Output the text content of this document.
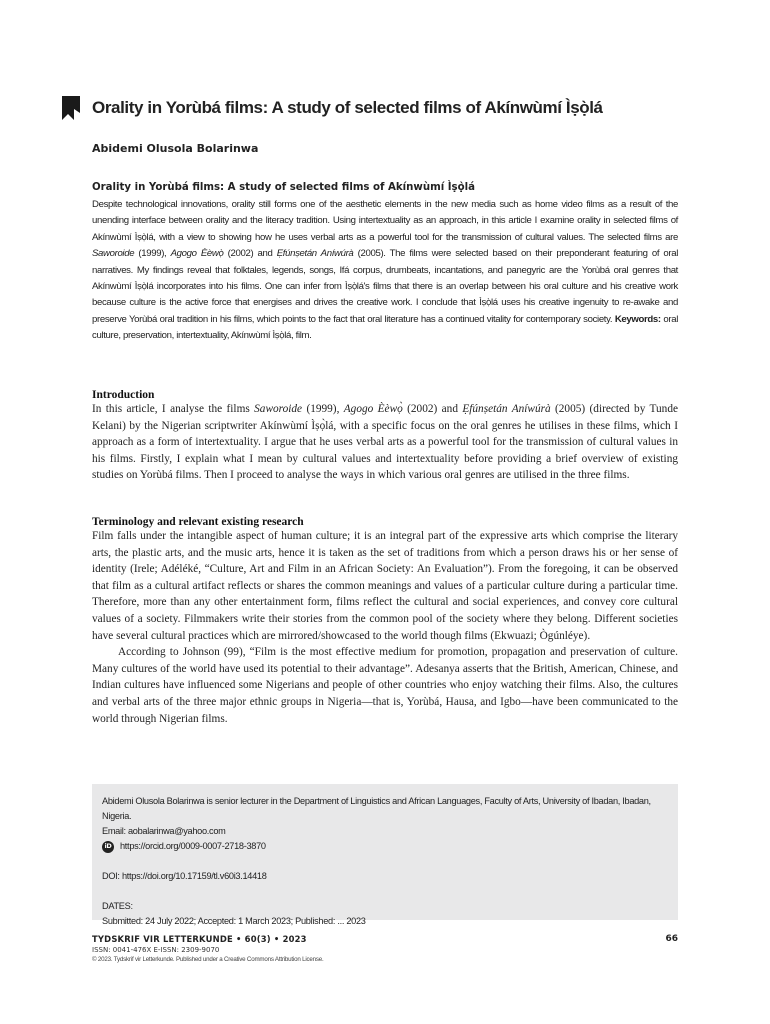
Orality in Yorùbá films: A study of selected films of Akínwùmí Ìṣọ̀lá
Abidemi Olusola Bolarinwa
Orality in Yorùbá films: A study of selected films of Akínwùmí Ìṣọ̀lá

Despite technological innovations, orality still forms one of the aesthetic elements in the new media such as home video films as a result of the unending interface between orality and the literacy tradition. Using intertextuality as an approach, in this article I examine orality in selected films of Akínwùmí Ìṣọ̀lá, with a view to showing how he uses verbal arts as a powerful tool for the transmission of cultural values. The selected films are Saworoide (1999), Agogo Èèwọ̀ (2002) and Ẹfúnṣetán Aníwúrà (2005). The films were selected based on their preponderant featuring of oral narratives. My findings reveal that folktales, legends, songs, Ifá corpus, drumbeats, incantations, and panegyric are the Yorùbá oral genres that Akínwùmí Ìṣọ̀lá incorporates into his films. One can infer from Ìṣọ̀lá's films that there is an overlap between his oral culture and his creative work because culture is the active force that energises and drives the creative work. I conclude that Ìṣọ̀lá uses his creative ingenuity to re-awake and preserve Yorùbá oral tradition in his films, which points to the fact that oral literature has a continued vitality for contemporary society. Keywords: oral culture, preservation, intertextuality, Akínwùmí Ìṣọ̀lá, film.

Introduction

In this article, I analyse the films Saworoide (1999), Agogo Èèwọ̀ (2002) and Ẹfúnṣetán Aníwúrà (2005) (directed by Tunde Kelani) by the Nigerian scriptwriter Akínwùmí Ìṣọ̀lá, with a specific focus on the oral genres he utilises in these films, which I approach as a form of intertextuality. I argue that he uses verbal arts as a powerful tool for the transmission of cultural values in his films. Firstly, I explain what I mean by cultural values and intertextuality before providing a brief overview of existing studies on Yorùbá films. Then I proceed to analyse the ways in which various oral genres are utilised in the three films.

Terminology and relevant existing research

Film falls under the intangible aspect of human culture; it is an integral part of the expressive arts which comprise the literary arts, the plastic arts, and the music arts, hence it is taken as the set of traditions from which a person draws his or her sense of identity (Irele; Adéléké, “Culture, Art and Film in an African Society: An Evaluation”). From the foregoing, it can be observed that film as a cultural artifact reflects or shares the common meanings and values of a particular culture during a particular time. Therefore, more than any other entertainment form, films reflect the cultural and social experiences, and convey core cultural values of a society. Filmmakers write their stories from the common pool of the society where they belong. Different societies have several cultural practices which are mirrored/showcased to the world though films (Ekwuazi; Ògúnléye).

According to Johnson (99), “Film is the most effective medium for promotion, propagation and preservation of culture. Many cultures of the world have used its potential to their advantage”. Adesanya asserts that the British, American, Chinese, and Indian cultures have influenced some Nigerians and people of other countries who enjoy watching their films. Also, the cultures and verbal arts of the three major ethnic groups in Nigeria—that is, Yorùbá, Hausa, and Igbo—have been communicated to the world through Nigerian films.

Abidemi Olusola Bolarinwa is senior lecturer in the Department of Linguistics and African Languages, Faculty of Arts, University of Ibadan, Ibadan, Nigeria.
Email: aobalarinwa@yahoo.com
iD https://orcid.org/0009-0007-2718-3870
DOI: https://doi.org/10.17159/tl.v60i3.14418
DATES:
Submitted: 24 July 2022; Accepted: 1 March 2023; Published: ... 2023
TYDSKRIF VIR LETTERKUNDE • 60(3) • 2023	66
ISSN: 0041-476X E-ISSN: 2309-9070
© 2023. Tydskrif vir Letterkunde. Published under a Creative Commons Attribution License.
